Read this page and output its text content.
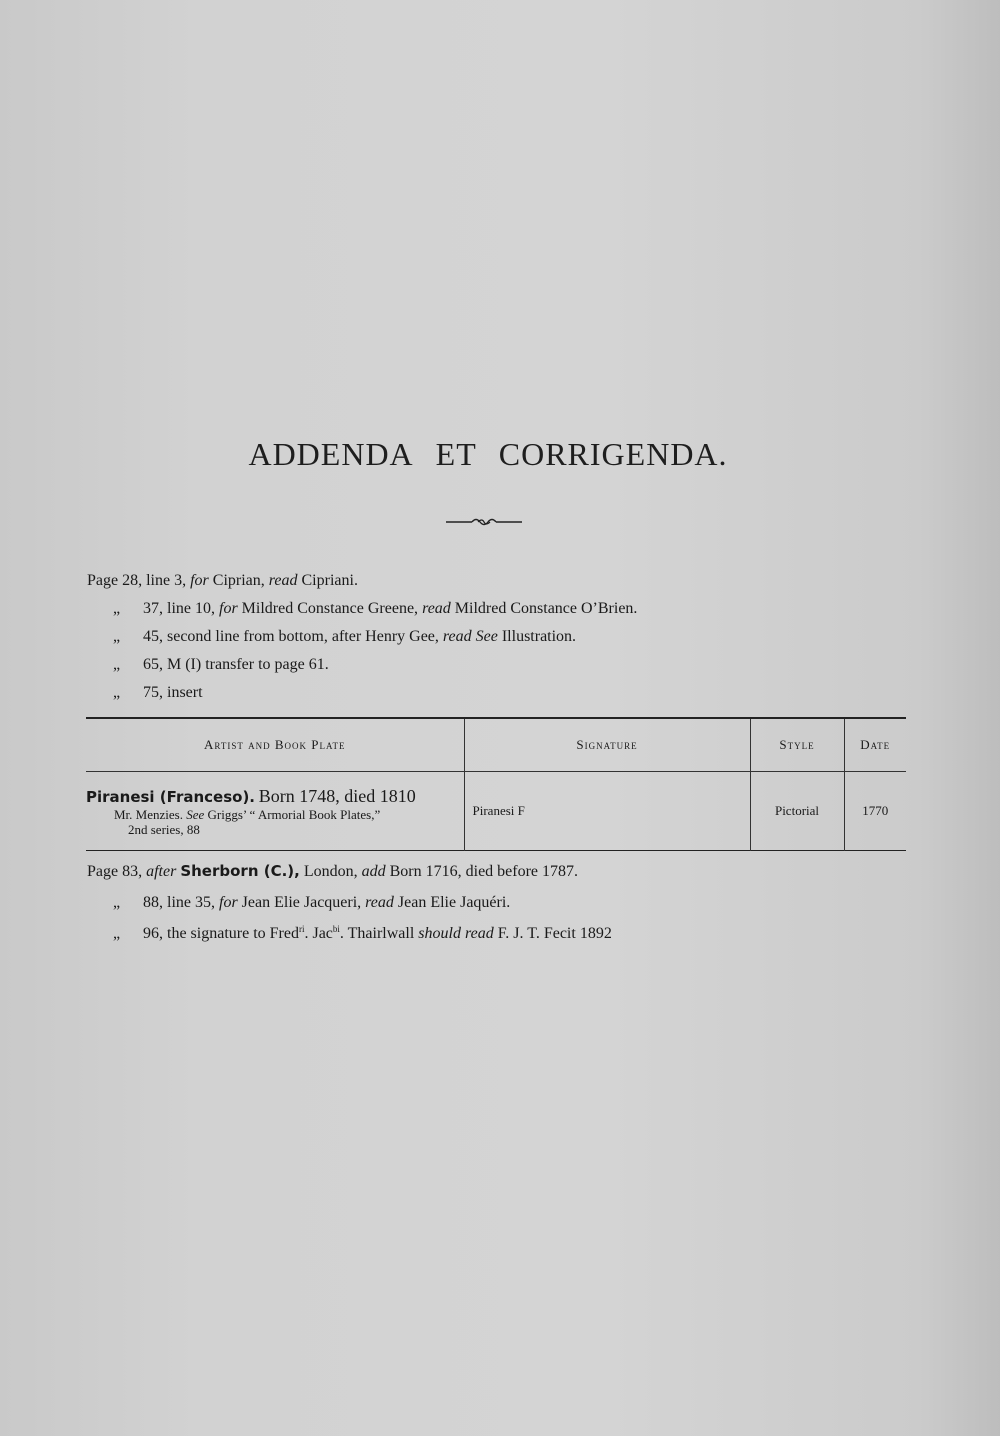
ADDENDA ET CORRIGENDA.
Page 28, line 3, for Ciprian, read Cipriani.
„ 37, line 10, for Mildred Constance Greene, read Mildred Constance O’Brien.
„ 45, second line from bottom, after Henry Gee, read See Illustration.
„ 65, M (I) transfer to page 61.
„ 75, insert
Artist and Book Plate	Signature	Style	Date

Piranesi (Franceso). Born 1748, died 1810
Mr. Menzies. See Griggs’ “ Armorial Book Plates,”
2nd series, 88	Piranesi F	Pictorial	1770
Page 83, after Sherborn (C.), London, add Born 1716, died before 1787.
„ 88, line 35, for Jean Elie Jacqueri, read Jean Elie Jaquéri.
„ 96, the signature to Fred$^{ri}$. Jac$^{bi}$. Thairlwall should read F. J. T. Fecit 1892
